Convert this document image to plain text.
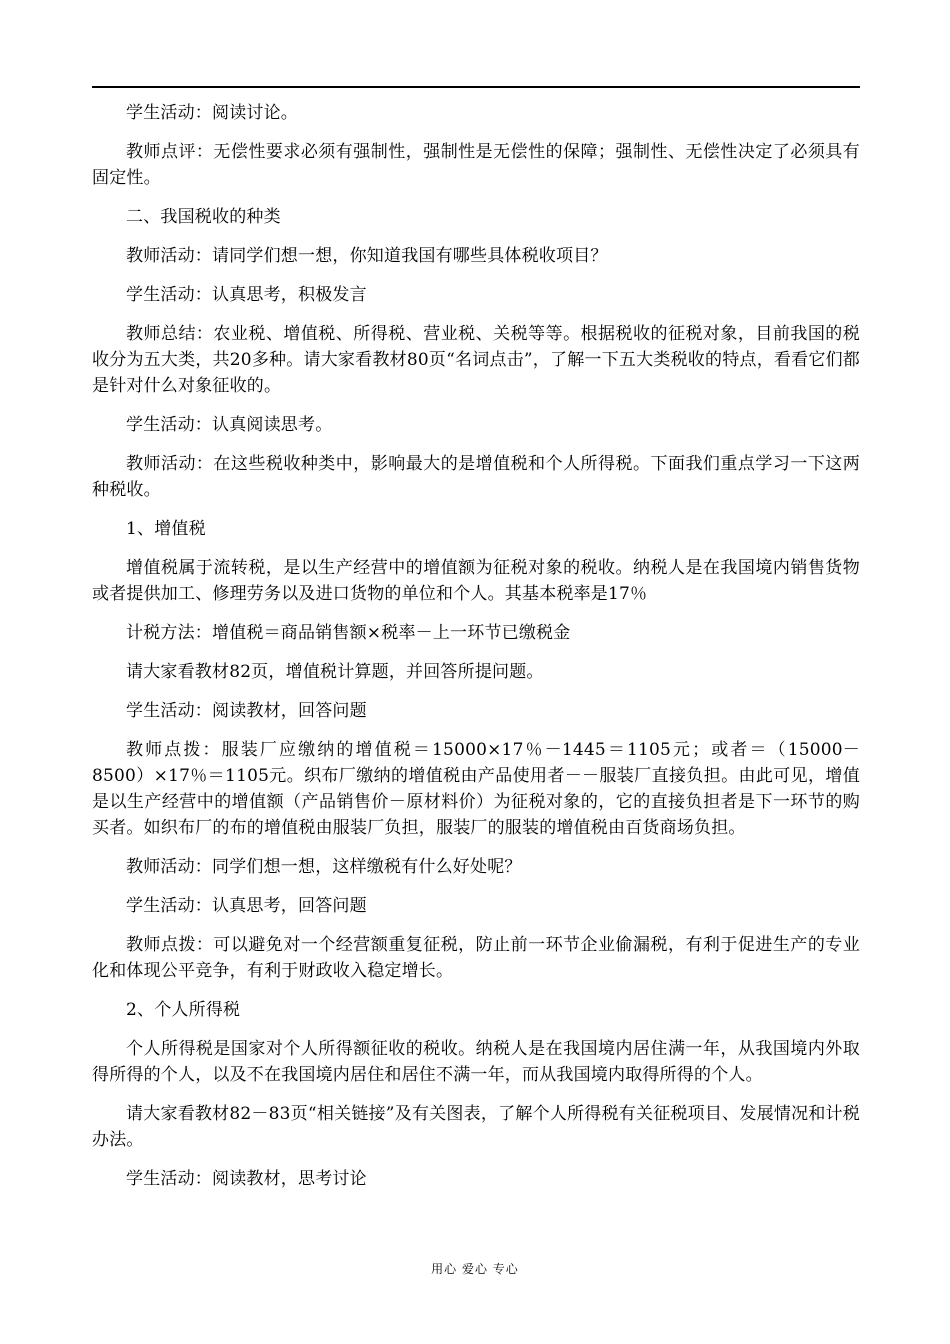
学生活动：阅读讨论。

教师点评：无偿性要求必须有强制性，强制性是无偿性的保障；强制性、无偿性决定了必须具有固定性。

二、我国税收的种类

教师活动：请同学们想一想，你知道我国有哪些具体税收项目？

学生活动：认真思考，积极发言

教师总结：农业税、增值税、所得税、营业税、关税等等。根据税收的征税对象，目前我国的税收分为五大类，共20多种。请大家看教材80页“名词点击”，了解一下五大类税收的特点，看看它们都是针对什么对象征收的。

学生活动：认真阅读思考。

教师活动：在这些税收种类中，影响最大的是增值税和个人所得税。下面我们重点学习一下这两种税收。

1、增值税

增值税属于流转税，是以生产经营中的增值额为征税对象的税收。纳税人是在我国境内销售货物或者提供加工、修理劳务以及进口货物的单位和个人。其基本税率是17％

计税方法：增值税＝商品销售额×税率－上一环节已缴税金

请大家看教材82页，增值税计算题，并回答所提问题。

学生活动：阅读教材，回答问题

教师点拨：服装厂应缴纳的增值税＝15000×17％－1445＝1105元；或者＝（15000－8500）×17％＝1105元。织布厂缴纳的增值税由产品使用者－－服装厂直接负担。由此可见，增值是以生产经营中的增值额（产品销售价－原材料价）为征税对象的，它的直接负担者是下一环节的购买者。如织布厂的布的增值税由服装厂负担，服装厂的服装的增值税由百货商场负担。

教师活动：同学们想一想，这样缴税有什么好处呢？

学生活动：认真思考，回答问题

教师点拨：可以避免对一个经营额重复征税，防止前一环节企业偷漏税，有利于促进生产的专业化和体现公平竞争，有利于财政收入稳定增长。

2、个人所得税

个人所得税是国家对个人所得额征收的税收。纳税人是在我国境内居住满一年，从我国境内外取得所得的个人，以及不在我国境内居住和居住不满一年，而从我国境内取得所得的个人。

请大家看教材82－83页“相关链接”及有关图表，了解个人所得税有关征税项目、发展情况和计税办法。

学生活动：阅读教材，思考讨论

用心 爱心 专心
